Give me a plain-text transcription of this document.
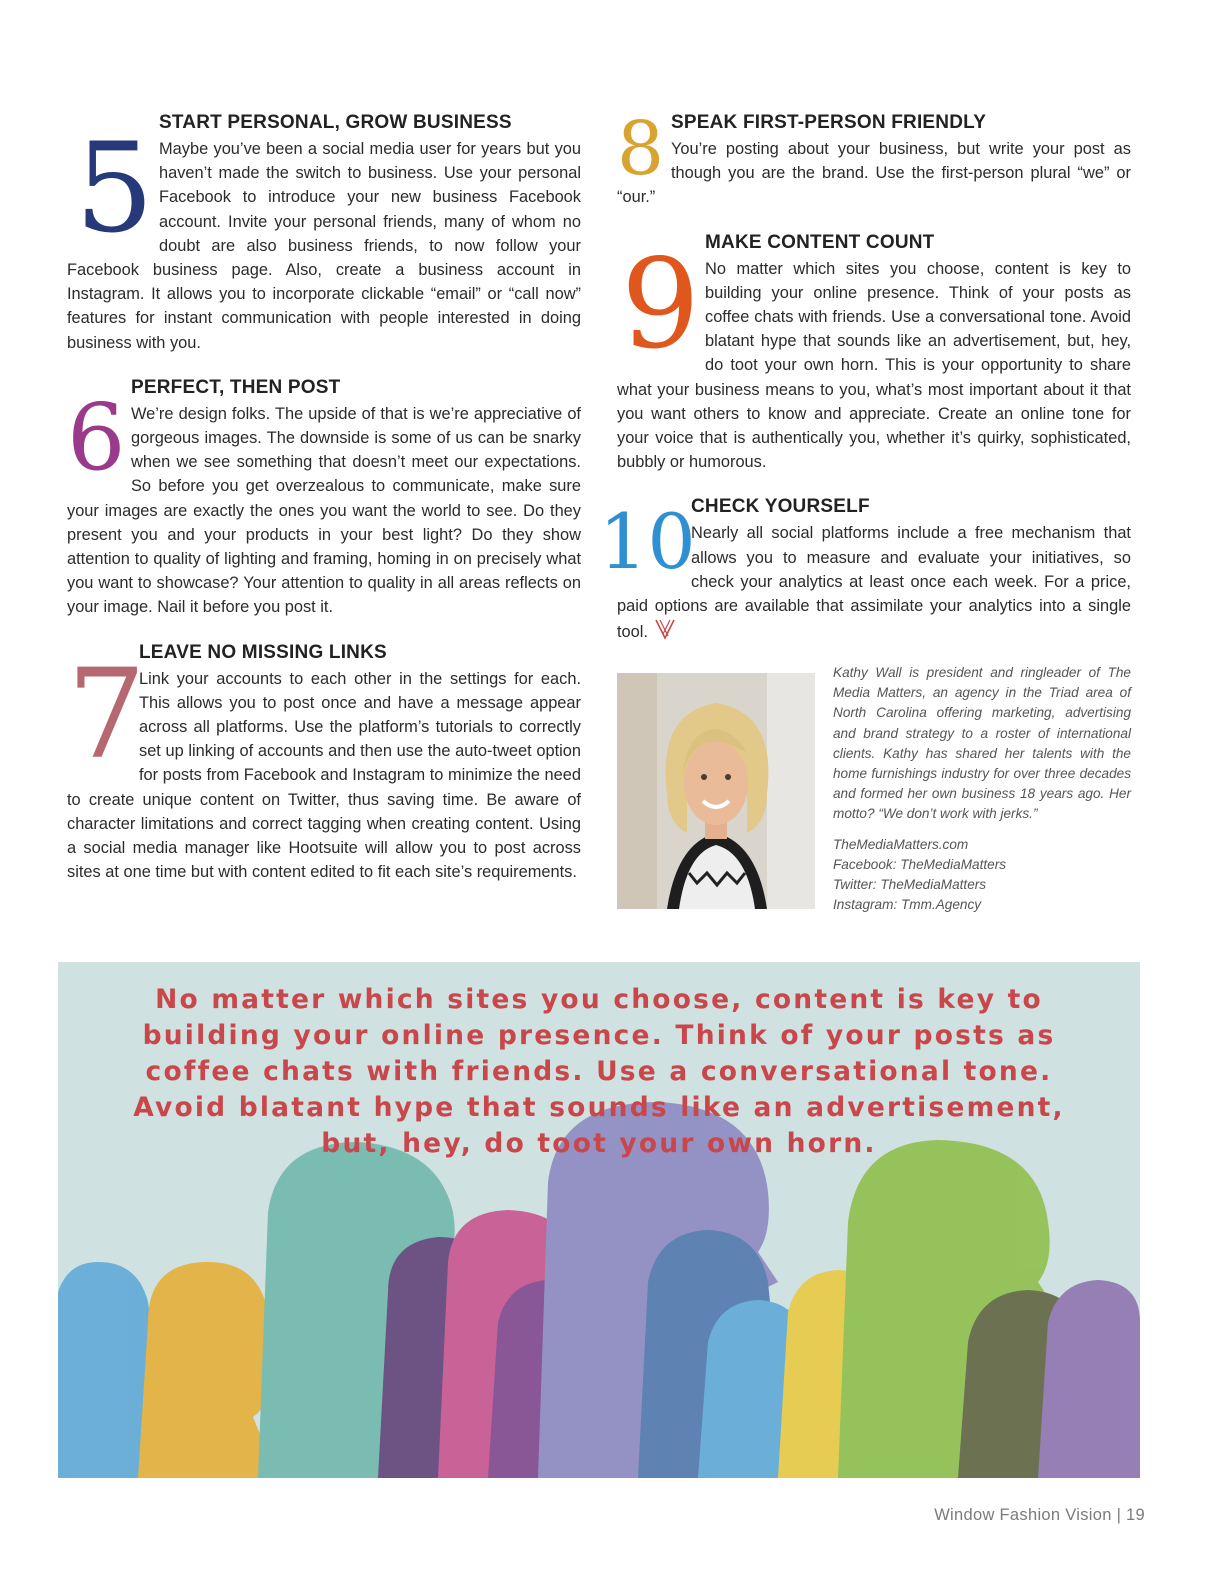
5 START PERSONAL, GROW BUSINESS

Maybe you’ve been a social media user for years but you haven’t made the switch to business. Use your personal Facebook to introduce your new business Facebook account. Invite your personal friends, many of whom no doubt are also business friends, to now follow your Facebook business page. Also, create a business account in Instagram. It allows you to incorporate clickable “email” or “call now” features for instant communication with people interested in doing business with you.

6 PERFECT, THEN POST

We’re design folks. The upside of that is we’re appreciative of gorgeous images. The downside is some of us can be snarky when we see something that doesn’t meet our expectations. So before you get overzealous to communicate, make sure your images are exactly the ones you want the world to see. Do they present you and your products in your best light? Do they show attention to quality of lighting and framing, homing in on precisely what you want to showcase? Your attention to quality in all areas reflects on your image. Nail it before you post it.

7
LEAVE NO MISSING LINKS

Link your accounts to each other in the settings for each. This allows you to post once and have a message appear across all platforms. Use the platform’s tutorials to correctly set up linking of accounts and then use the auto-tweet option for posts from Facebook and Instagram to minimize the need to create unique content on Twitter, thus saving time. Be aware of character limitations and correct tagging when creating content. Using a social media manager like Hootsuite will allow you to post across sites at one time but with content edited to fit each site’s requirements.

8 SPEAK FIRST-PERSON FRIENDLY

You’re posting about your business, but write your post as though you are the brand. Use the first-person plural “we” or “our.”

9 MAKE CONTENT COUNT

No matter which sites you choose, content is key to building your online presence. Think of your posts as coffee chats with friends. Use a conversational tone. Avoid blatant hype that sounds like an advertisement, but, hey, do toot your own horn. This is your opportunity to share what your business means to you, what’s most important about it that you want others to know and appreciate. Create an online tone for your voice that is authentically you, whether it’s quirky, sophisticated, bubbly or humorous.

10
CHECK YOURSELF

Nearly all social platforms include a free mechanism that allows you to measure and evaluate your initiatives, so check your analytics at least once each week. For a price, paid options are available that assimilate your analytics into a single tool.

Kathy Wall is president and ringleader of The Media Matters, an agency in the Triad area of North Carolina offering marketing, advertising and brand strategy to a roster of international clients. Kathy has shared her talents with the home furnishings industry for over three decades and formed her own business 18 years ago. Her motto? “We don’t work with jerks.”
TheMediaMatters.com
Facebook: TheMediaMatters
Twitter: TheMediaMatters
Instagram: Tmm.Agency

No matter which sites you choose, content is key to building your online presence. Think of your posts as coffee chats with friends. Use a conversational tone. Avoid blatant hype that sounds like an advertisement, but, hey, do toot your own horn.

Window Fashion Vision | 19
